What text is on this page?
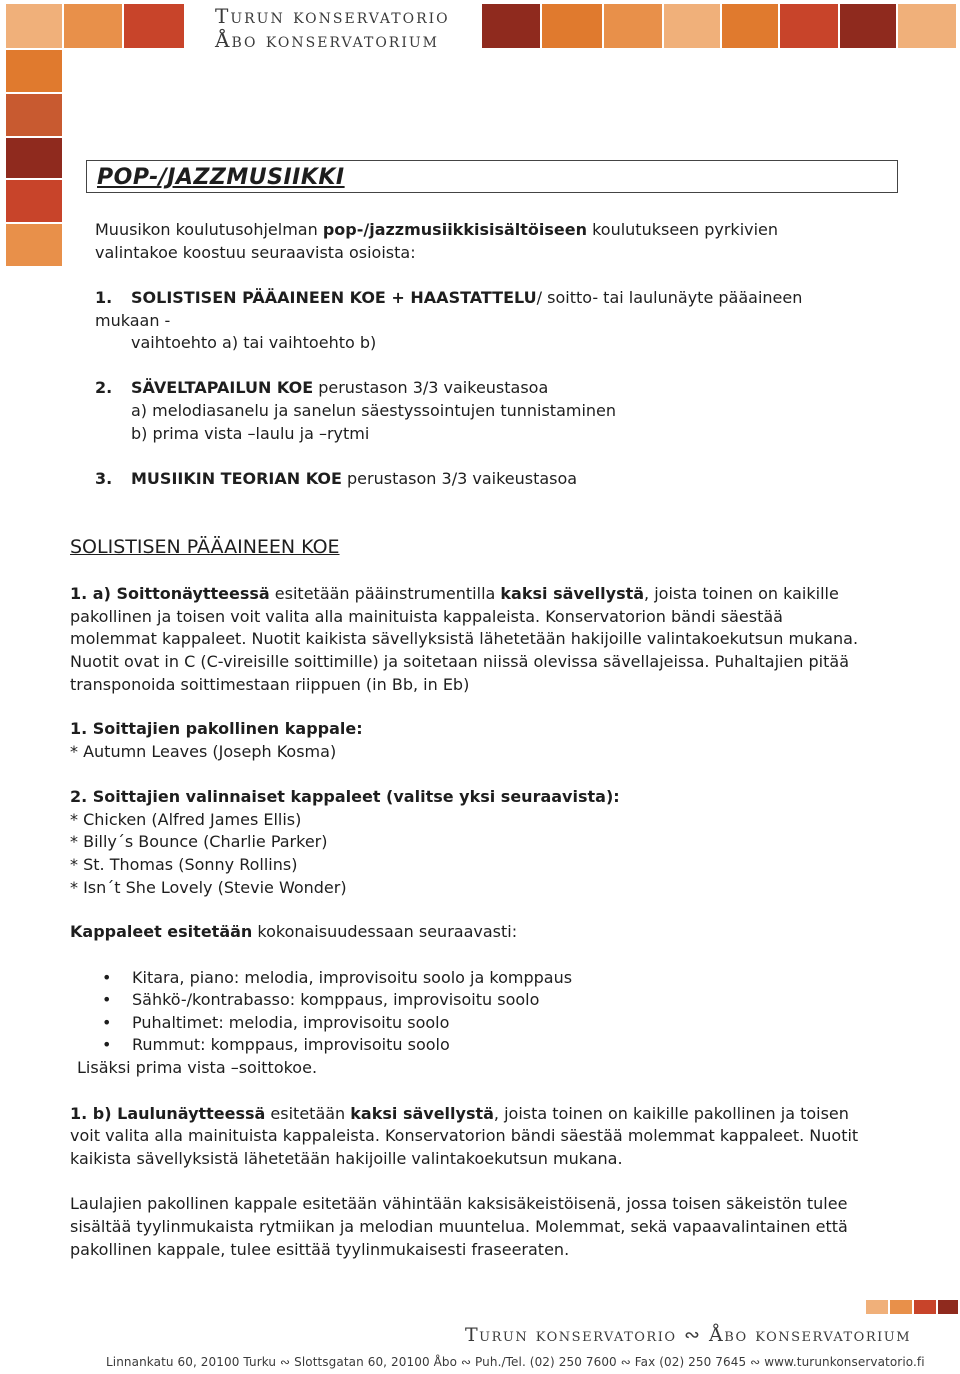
Turun konservatorio
Åbo konservatorium
POP-/JAZZMUSIIKKI
Muusikon koulutusohjelman pop-/jazzmusiikkisisältöiseen koulutukseen pyrkivien
valintakoe koostuu seuraavista osioista:
1. SOLISTISEN PÄÄAINEEN KOE + HAASTATTELU/ soitto- tai laulunäyte pääaineen
mukaan -
vaihtoehto a) tai vaihtoehto b)
2. SÄVELTAPAILUN KOE perustason 3/3 vaikeustasoa
a) melodiasanelu ja sanelun säestyssointujen tunnistaminen
b) prima vista –laulu ja –rytmi
3. MUSIIKIN TEORIAN KOE perustason 3/3 vaikeustasoa
SOLISTISEN PÄÄAINEEN KOE
1. a) Soittonäytteessä esitetään pääinstrumentilla kaksi sävellystä, joista toinen on kaikille
pakollinen ja toisen voit valita alla mainituista kappaleista. Konservatorion bändi säestää
molemmat kappaleet. Nuotit kaikista sävellyksistä lähetetään hakijoille valintakoekutsun mukana.
Nuotit ovat in C (C-vireisille soittimille) ja soitetaan niissä olevissa sävellajeissa. Puhaltajien pitää
transponoida soittimestaan riippuen (in Bb, in Eb)
1. Soittajien pakollinen kappale:
* Autumn Leaves (Joseph Kosma)
2. Soittajien valinnaiset kappaleet (valitse yksi seuraavista):
* Chicken (Alfred James Ellis)
* Billy´s Bounce (Charlie Parker)
* St. Thomas (Sonny Rollins)
* Isn´t She Lovely (Stevie Wonder)
Kappaleet esitetään kokonaisuudessaan seuraavasti:
• Kitara, piano: melodia, improvisoitu soolo ja komppaus
• Sähkö-/kontrabasso: komppaus, improvisoitu soolo
• Puhaltimet: melodia, improvisoitu soolo
• Rummut: komppaus, improvisoitu soolo
Lisäksi prima vista –soittokoe.
1. b) Laulunäytteessä esitetään kaksi sävellystä, joista toinen on kaikille pakollinen ja toisen
voit valita alla mainituista kappaleista. Konservatorion bändi säestää molemmat kappaleet. Nuotit
kaikista sävellyksistä lähetetään hakijoille valintakoekutsun mukana.
Laulajien pakollinen kappale esitetään vähintään kaksisäkeistöisenä, jossa toisen säkeistön tulee
sisältää tyylinmukaista rytmiikan ja melodian muuntelua. Molemmat, sekä vapaavalintainen että
pakollinen kappale, tulee esittää tyylinmukaisesti fraseeraten.
Turun konservatorio ∾ Åbo konservatorium
Linnankatu 60, 20100 Turku ∾ Slottsgatan 60, 20100 Åbo ∾ Puh./Tel. (02) 250 7600 ∾ Fax (02) 250 7645 ∾ www.turunkonservatorio.fi
